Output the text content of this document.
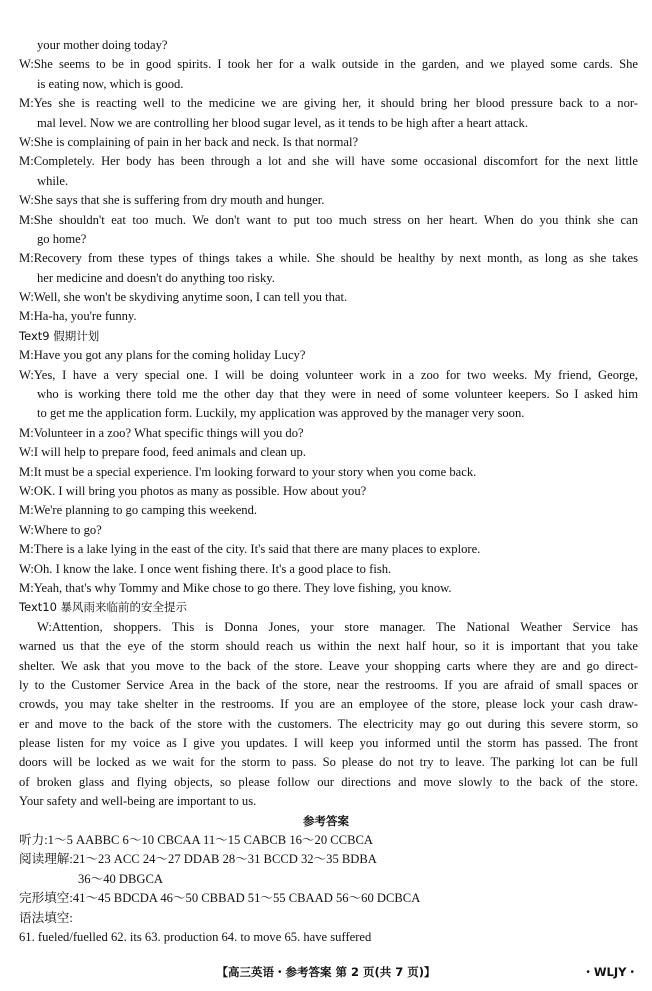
your mother doing today?
W:She seems to be in good spirits. I took her for a walk outside in the garden, and we played some cards. She
is eating now, which is good.
M:Yes she is reacting well to the medicine we are giving her, it should bring her blood pressure back to a nor-
mal level. Now we are controlling her blood sugar level, as it tends to be high after a heart attack.
W:She is complaining of pain in her back and neck. Is that normal?
M:Completely. Her body has been through a lot and she will have some occasional discomfort for the next little
while.
W:She says that she is suffering from dry mouth and hunger.
M:She shouldn't eat too much. We don't want to put too much stress on her heart. When do you think she can
go home?
M:Recovery from these types of things takes a while. She should be healthy by next month, as long as she takes
her medicine and doesn't do anything too risky.
W:Well, she won't be skydiving anytime soon, I can tell you that.
M:Ha-ha, you're funny.
Text9 假期计划
M:Have you got any plans for the coming holiday Lucy?
W:Yes, I have a very special one. I will be doing volunteer work in a zoo for two weeks. My friend, George,
who is working there told me the other day that they were in need of some volunteer keepers. So I asked him
to get me the application form. Luckily, my application was approved by the manager very soon.
M:Volunteer in a zoo? What specific things will you do?
W:I will help to prepare food, feed animals and clean up.
M:It must be a special experience. I'm looking forward to your story when you come back.
W:OK. I will bring you photos as many as possible. How about you?
M:We're planning to go camping this weekend.
W:Where to go?
M:There is a lake lying in the east of the city. It's said that there are many places to explore.
W:Oh. I know the lake. I once went fishing there. It's a good place to fish.
M:Yeah, that's why Tommy and Mike chose to go there. They love fishing, you know.
Text10 暴风雨来临前的安全提示
W:Attention, shoppers. This is Donna Jones, your store manager. The National Weather Service has
warned us that the eye of the storm should reach us within the next half hour, so it is important that you take
shelter. We ask that you move to the back of the store. Leave your shopping carts where they are and go direct-
ly to the Customer Service Area in the back of the store, near the restrooms. If you are afraid of small spaces or
crowds, you may take shelter in the restrooms. If you are an employee of the store, please lock your cash draw-
er and move to the back of the store with the customers. The electricity may go out during this severe storm, so
please listen for my voice as I give you updates. I will keep you informed until the storm has passed. The front
doors will be locked as we wait for the storm to pass. So please do not try to leave. The parking lot can be full
of broken glass and flying objects, so please follow our directions and move slowly to the back of the store.
Your safety and well-being are important to us.
参考答案
听力:1～5 AABBC 6～10 CBCAA 11～15 CABCB 16～20 CCBCA
阅读理解:21～23 ACC 24～27 DDAB 28～31 BCCD 32～35 BDBA
36～40 DBGCA
完形填空:41～45 BDCDA 46～50 CBBAD 51～55 CBAAD 56～60 DCBCA
语法填空:
61. fueled/fuelled 62. its 63. production 64. to move 65. have suffered
【高三英语・参考答案 第 2 页(共 7 页)】	・WLJY・
